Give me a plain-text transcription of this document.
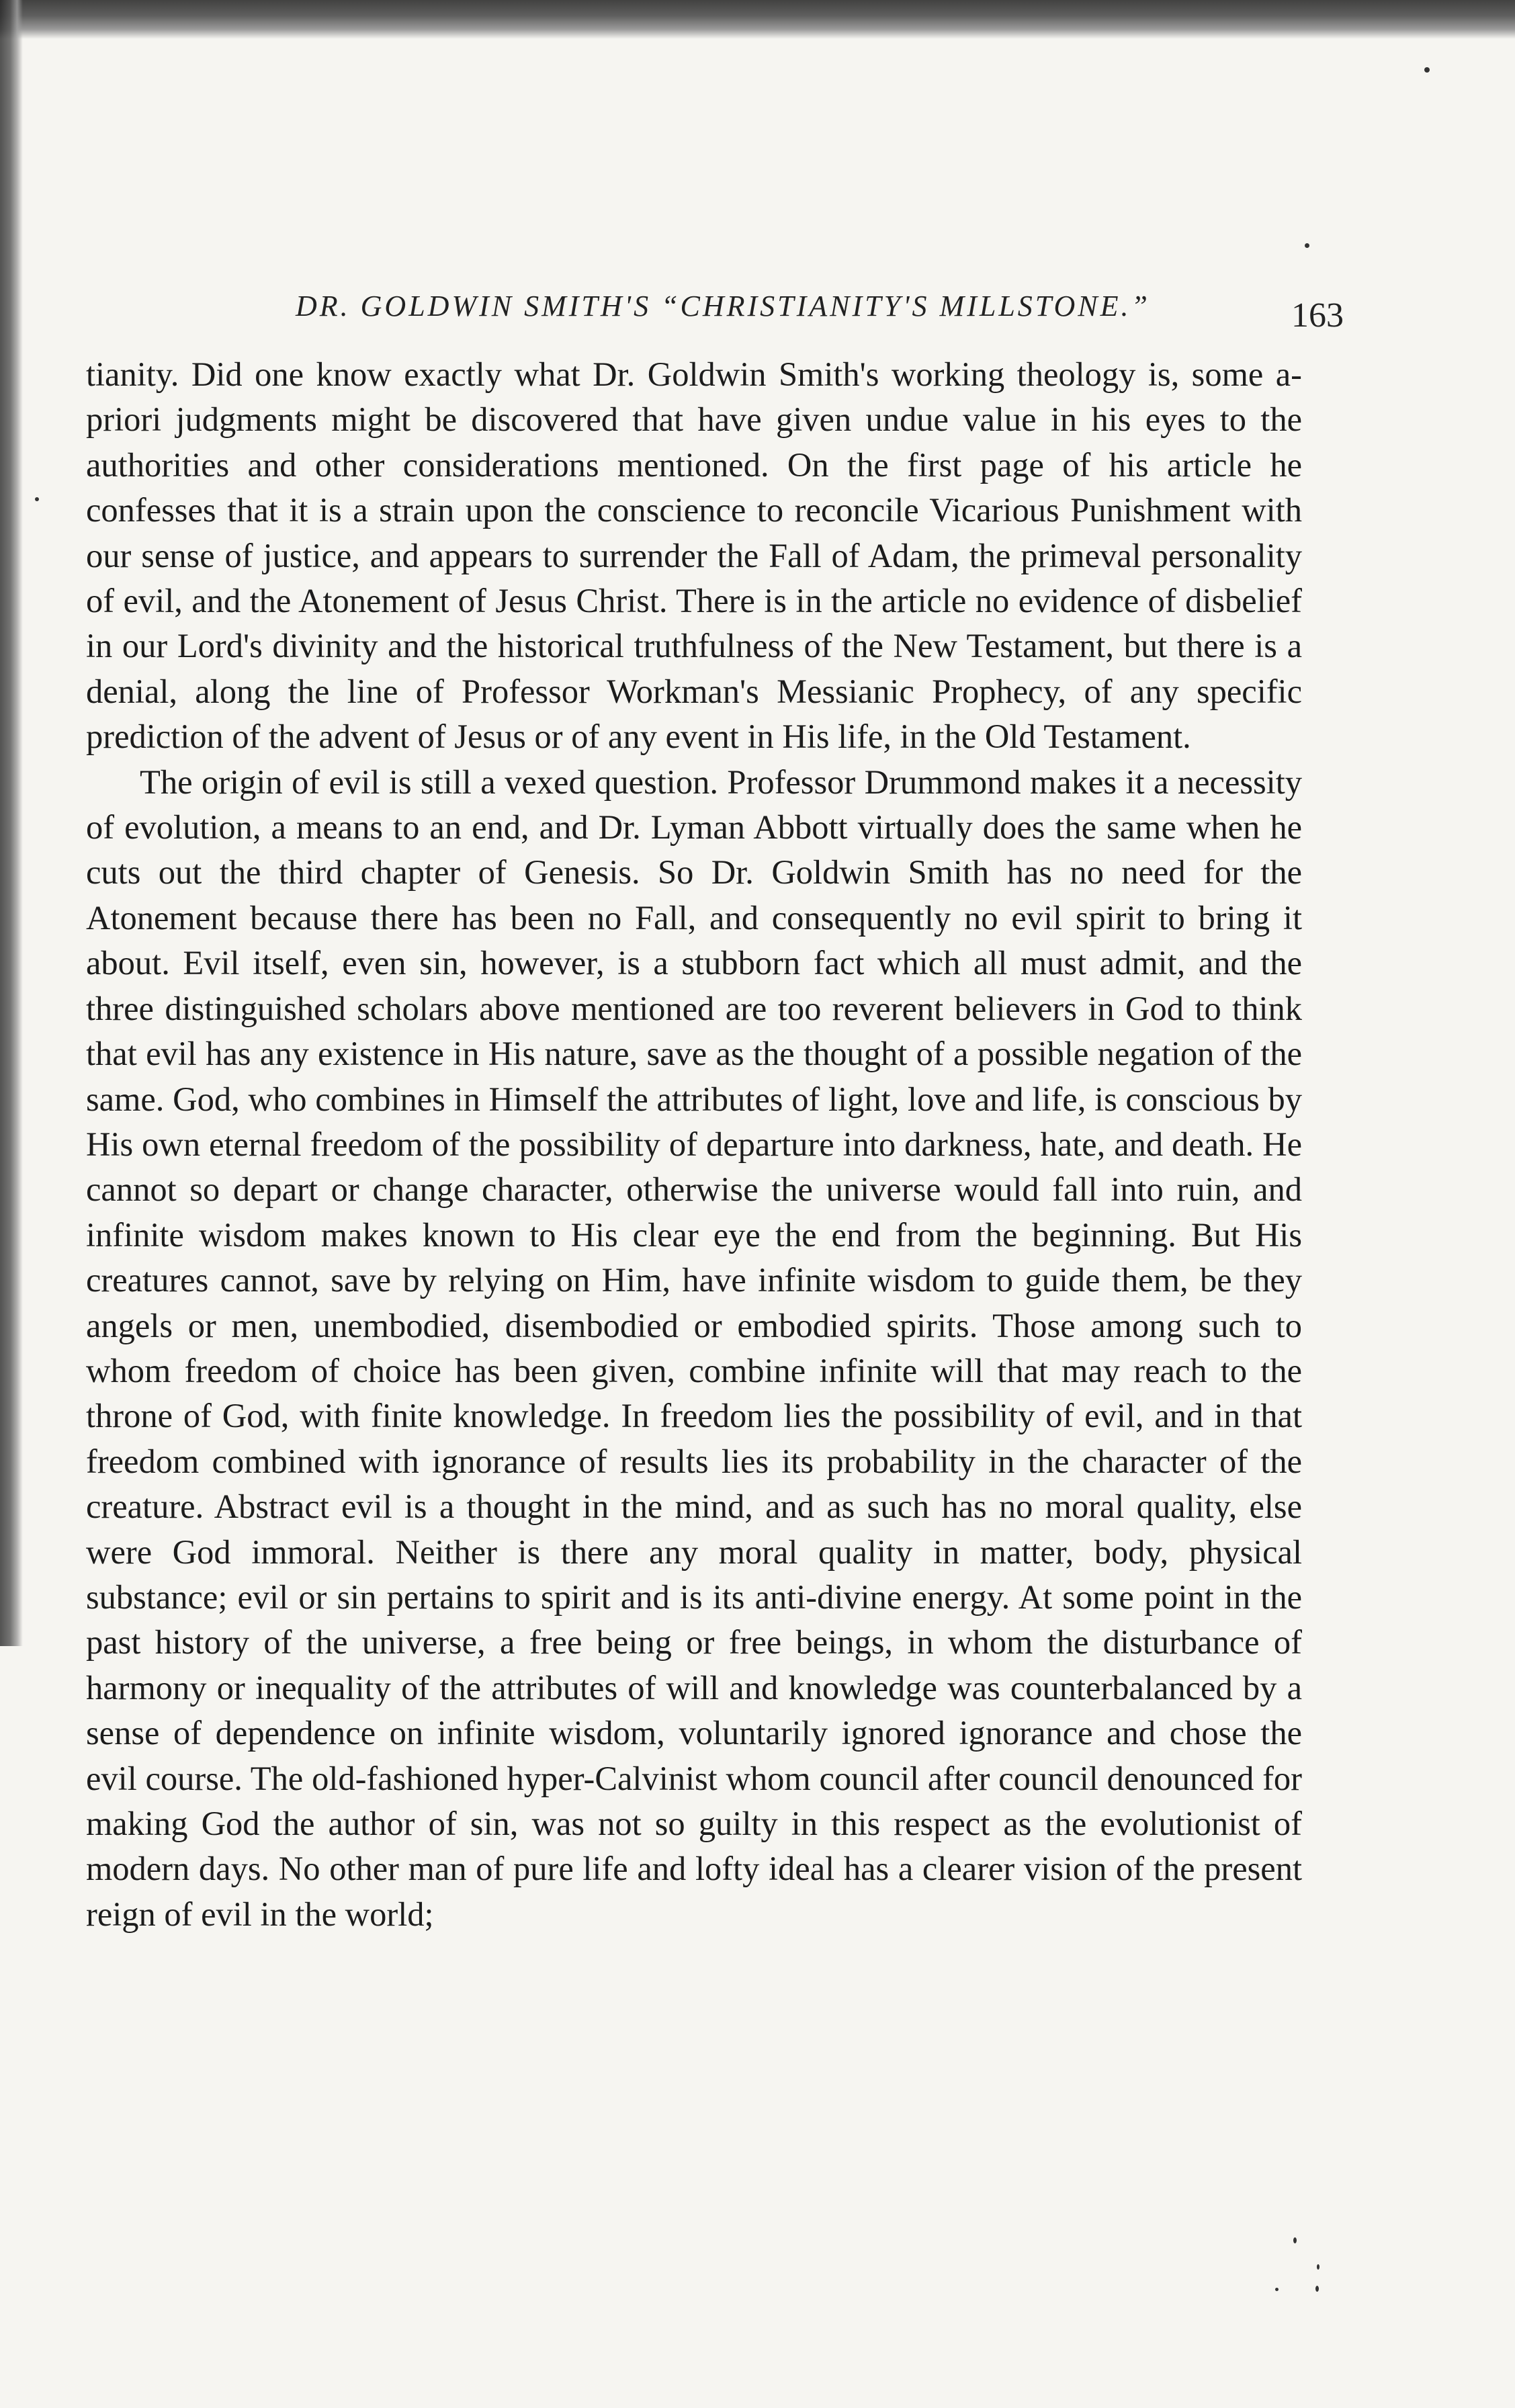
DR. GOLDWIN SMITH'S “CHRISTIANITY'S MILLSTONE.”	163

tianity. Did one know exactly what Dr. Goldwin Smith's working theology is, some a-priori judgments might be discovered that have given undue value in his eyes to the authorities and other considerations mentioned. On the first page of his article he confesses that it is a strain upon the conscience to reconcile Vicarious Punishment with our sense of justice, and appears to surrender the Fall of Adam, the primeval personality of evil, and the Atonement of Jesus Christ. There is in the article no evidence of disbelief in our Lord's divinity and the historical truthfulness of the New Testament, but there is a denial, along the line of Professor Workman's Messianic Prophecy, of any specific prediction of the advent of Jesus or of any event in His life, in the Old Testament.

The origin of evil is still a vexed question. Professor Drummond makes it a necessity of evolution, a means to an end, and Dr. Lyman Abbott virtually does the same when he cuts out the third chapter of Genesis. So Dr. Goldwin Smith has no need for the Atonement because there has been no Fall, and consequently no evil spirit to bring it about. Evil itself, even sin, however, is a stubborn fact which all must admit, and the three distinguished scholars above mentioned are too reverent believers in God to think that evil has any existence in His nature, save as the thought of a possible negation of the same. God, who combines in Himself the attributes of light, love and life, is conscious by His own eternal freedom of the possibility of departure into darkness, hate, and death. He cannot so depart or change character, otherwise the universe would fall into ruin, and infinite wisdom makes known to His clear eye the end from the beginning. But His creatures cannot, save by relying on Him, have infinite wisdom to guide them, be they angels or men, unembodied, disembodied or embodied spirits. Those among such to whom freedom of choice has been given, combine infinite will that may reach to the throne of God, with finite knowledge. In freedom lies the possibility of evil, and in that freedom combined with ignorance of results lies its probability in the character of the creature. Abstract evil is a thought in the mind, and as such has no moral quality, else were God immoral. Neither is there any moral quality in matter, body, physical substance; evil or sin pertains to spirit and is its anti-divine energy. At some point in the past history of the universe, a free being or free beings, in whom the disturbance of harmony or inequality of the attributes of will and knowledge was counterbalanced by a sense of dependence on infinite wisdom, voluntarily ignored ignorance and chose the evil course. The old-fashioned hyper-Calvinist whom council after council denounced for making God the author of sin, was not so guilty in this respect as the evolutionist of modern days. No other man of pure life and lofty ideal has a clearer vision of the present reign of evil in the world;
